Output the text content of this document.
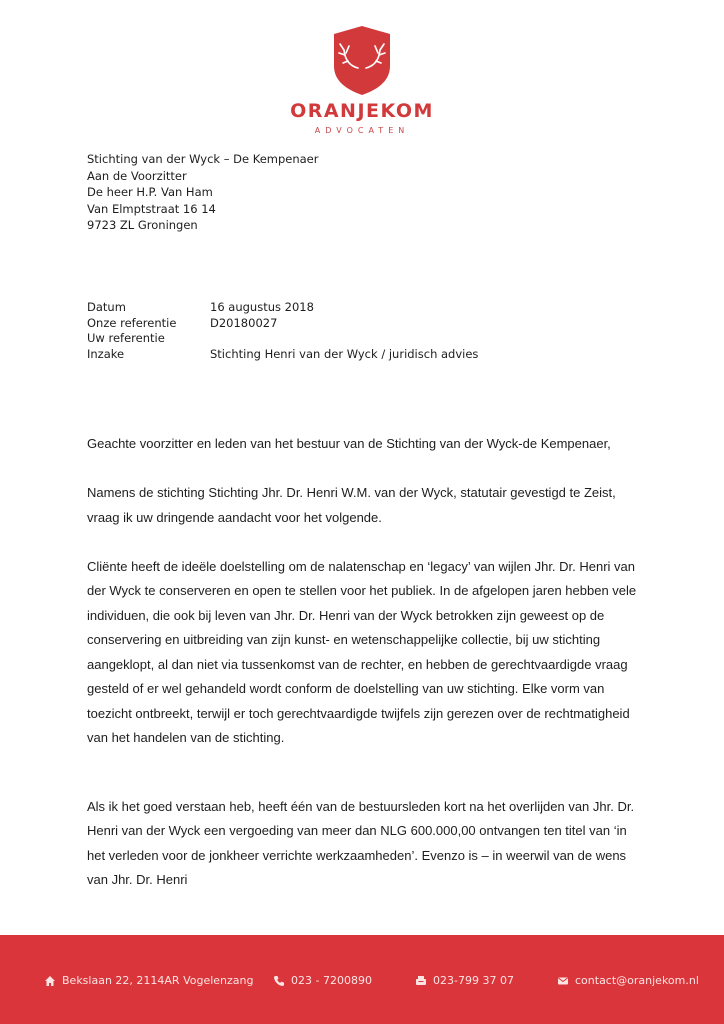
ORANJEKOM
ADVOCATEN
Stichting van der Wyck – De Kempenaer
Aan de Voorzitter
De heer H.P. Van Ham
Van Elmptstraat 16 14
9723 ZL Groningen
Datum	16 augustus 2018
Onze referentie	D20180027
Uw referentie
Inzake	Stichting Henri van der Wyck / juridisch advies

Geachte voorzitter en leden van het bestuur van de Stichting van der Wyck-de Kempenaer,

Namens de stichting Stichting Jhr. Dr. Henri W.M. van der Wyck, statutair gevestigd te Zeist, vraag ik uw dringende aandacht voor het volgende.

Cliënte heeft de ideële doelstelling om de nalatenschap en ‘legacy’ van wijlen Jhr. Dr. Henri van der Wyck te conserveren en open te stellen voor het publiek. In de afgelopen jaren hebben vele individuen, die ook bij leven van Jhr. Dr. Henri van der Wyck betrokken zijn geweest op de conservering en uitbreiding van zijn kunst- en wetenschappelijke collectie, bij uw stichting aangeklopt, al dan niet via tussenkomst van de rechter, en hebben de gerechtvaardigde vraag gesteld of er wel gehandeld wordt conform de doelstelling van uw stichting. Elke vorm van toezicht ontbreekt, terwijl er toch gerechtvaardigde twijfels zijn gerezen over de rechtmatigheid van het handelen van de stichting.

Als ik het goed verstaan heb, heeft één van de bestuursleden kort na het overlijden van Jhr. Dr. Henri van der Wyck een vergoeding van meer dan NLG 600.000,00 ontvangen ten titel van ‘in het verleden voor de jonkheer verrichte werkzaamheden’. Evenzo is – in weerwil van de wens van Jhr. Dr. Henri

Bekslaan 22, 2114AR Vogelenzang	023 - 7200890	023-799 37 07	contact@oranjekom.nl
